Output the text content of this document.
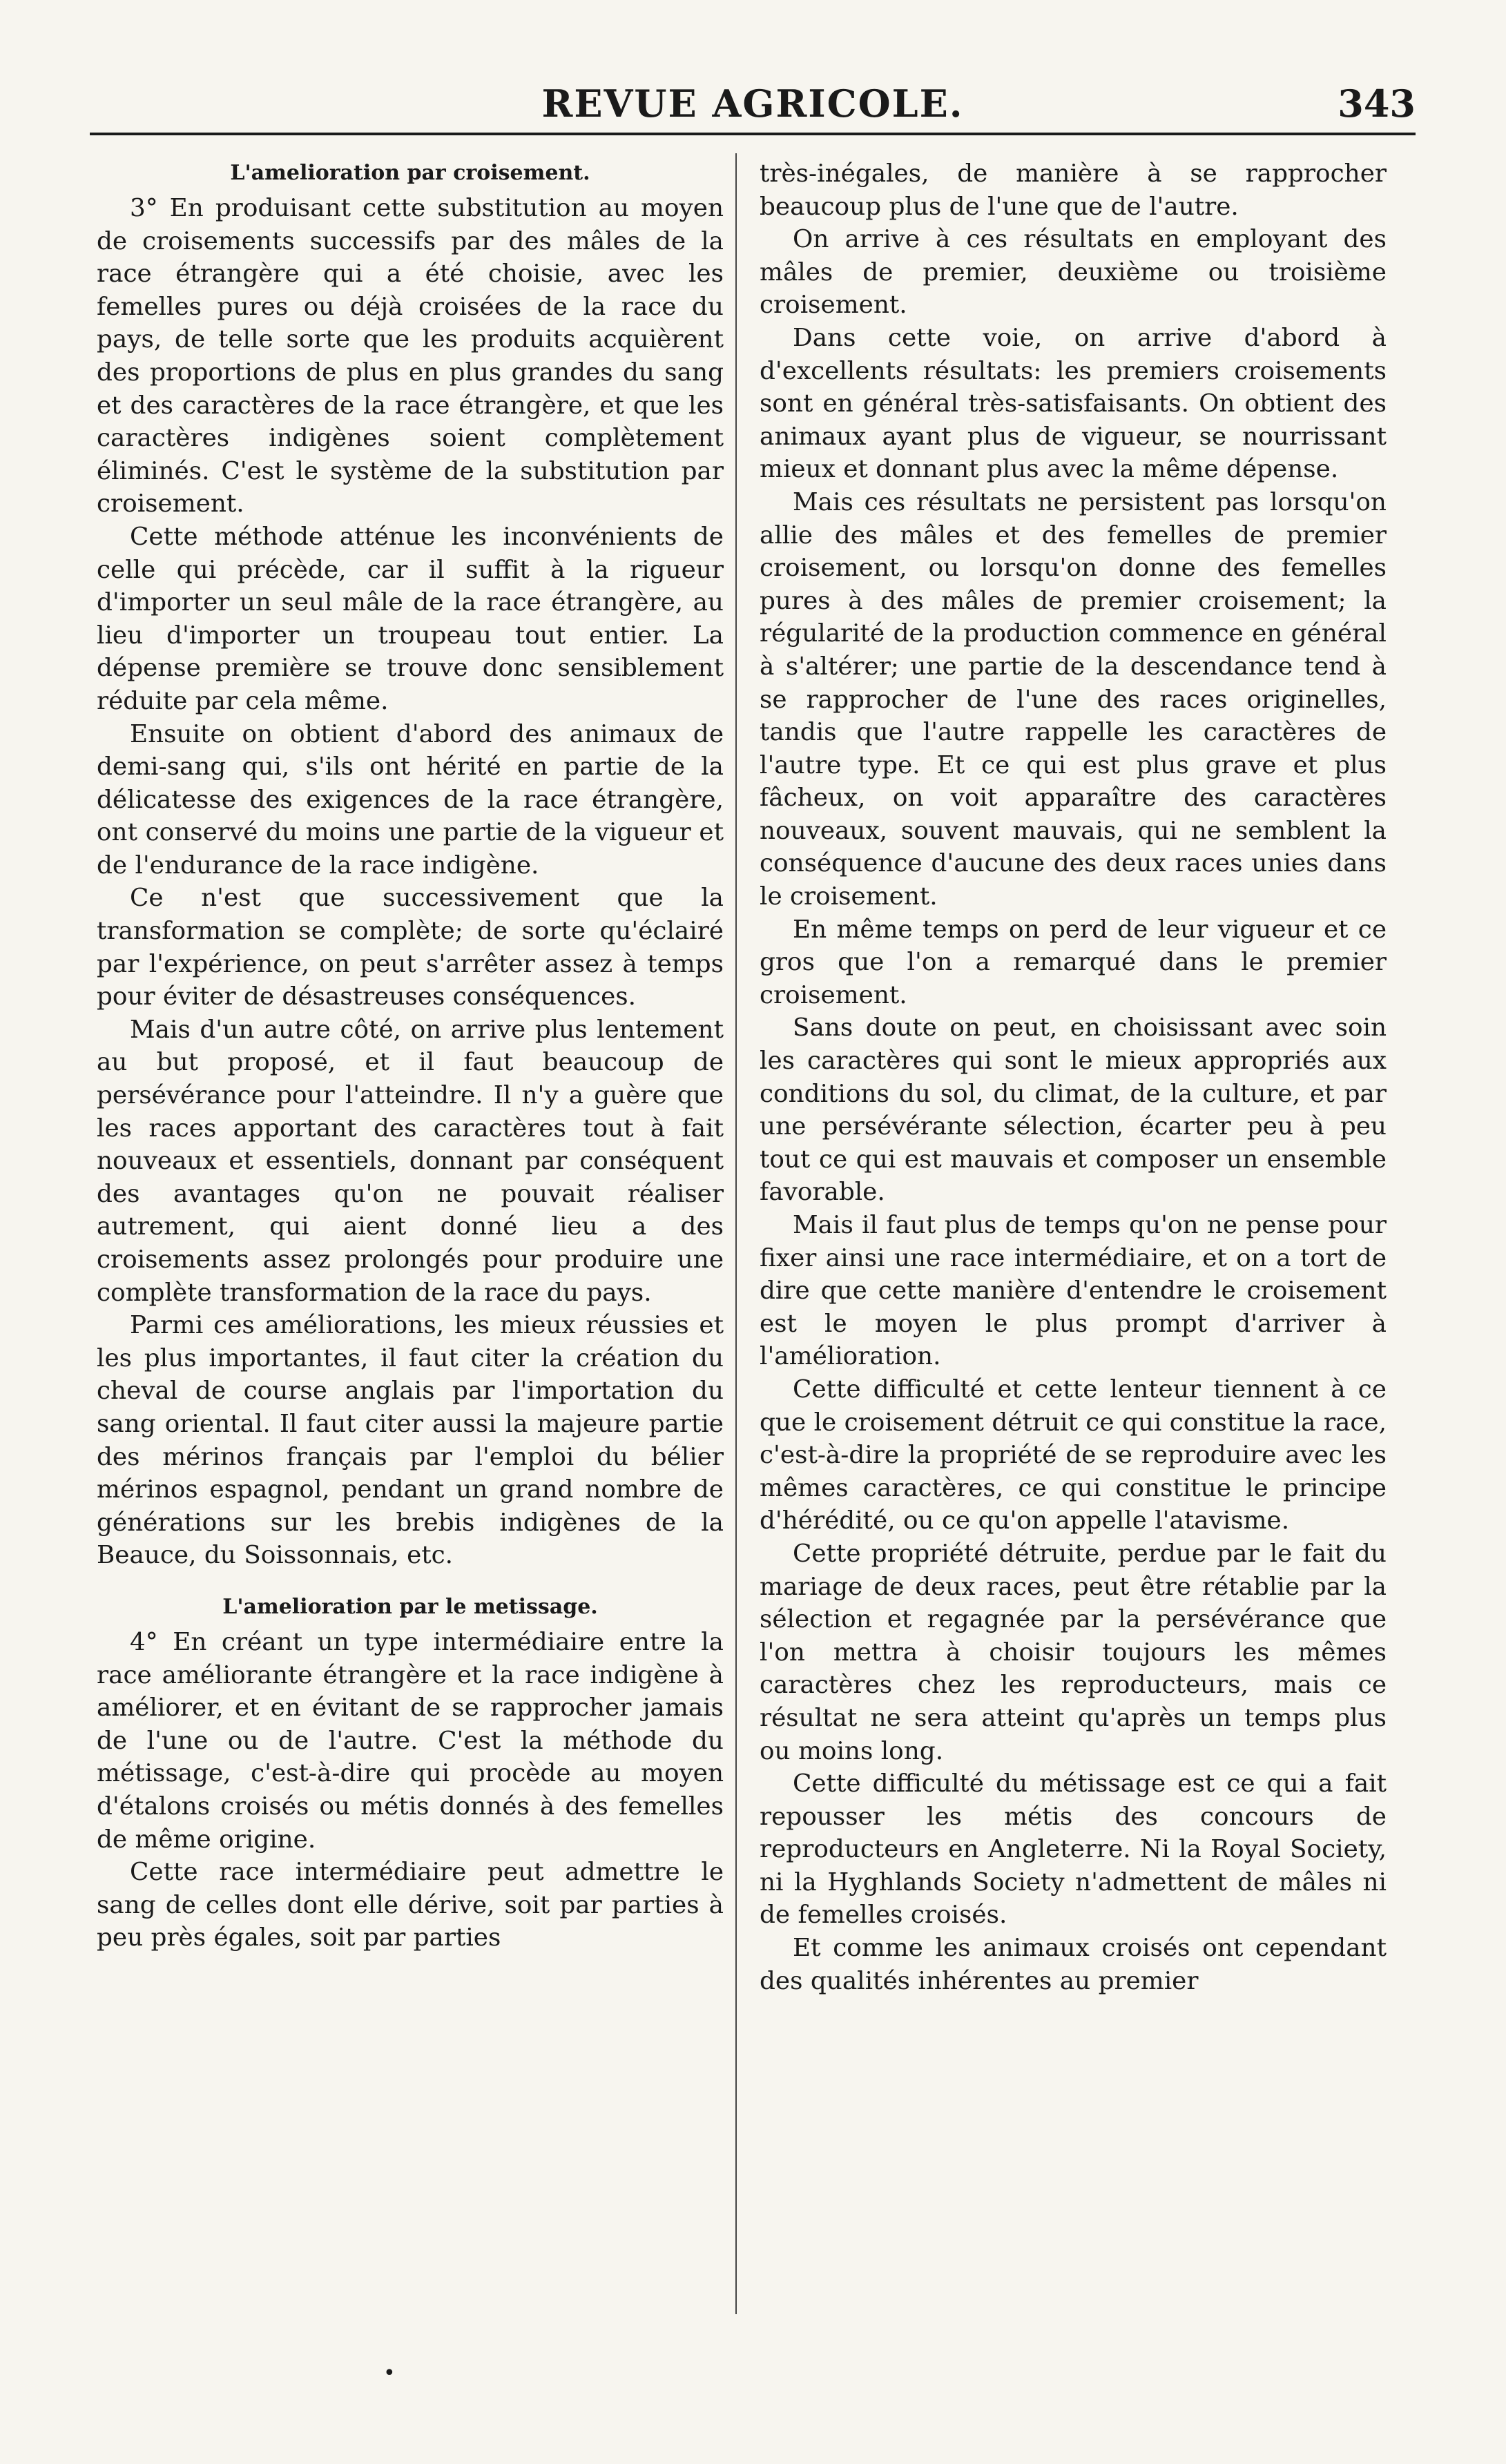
REVUE AGRICOLE.	343
L'amelioration par croisement.

3° En produisant cette substitution au moyen de croisements successifs par des mâles de la race étrangère qui a été choisie, avec les femelles pures ou déjà croisées de la race du pays, de telle sorte que les produits acquièrent des proportions de plus en plus grandes du sang et des caractères de la race étrangère, et que les caractères indigènes soient complètement éliminés. C'est le système de la substitution par croisement.

Cette méthode atténue les inconvénients de celle qui précède, car il suffit à la rigueur d'importer un seul mâle de la race étrangère, au lieu d'importer un troupeau tout entier. La dépense première se trouve donc sensiblement réduite par cela même.

Ensuite on obtient d'abord des animaux de demi-sang qui, s'ils ont hérité en partie de la délicatesse des exigences de la race étrangère, ont conservé du moins une partie de la vigueur et de l'endurance de la race indigène.

Ce n'est que successivement que la transformation se complète; de sorte qu'éclairé par l'expérience, on peut s'arrêter assez à temps pour éviter de désastreuses conséquences.

Mais d'un autre côté, on arrive plus lentement au but proposé, et il faut beaucoup de persévérance pour l'atteindre. Il n'y a guère que les races apportant des caractères tout à fait nouveaux et essentiels, donnant par conséquent des avantages qu'on ne pouvait réaliser autrement, qui aient donné lieu a des croisements assez prolongés pour produire une complète transformation de la race du pays.

Parmi ces améliorations, les mieux réussies et les plus importantes, il faut citer la création du cheval de course anglais par l'importation du sang oriental. Il faut citer aussi la majeure partie des mérinos français par l'emploi du bélier mérinos espagnol, pendant un grand nombre de générations sur les brebis indigènes de la Beauce, du Soissonnais, etc.

L'amelioration par le metissage.

4° En créant un type intermédiaire entre la race améliorante étrangère et la race indigène à améliorer, et en évitant de se rapprocher jamais de l'une ou de l'autre. C'est la méthode du métissage, c'est-à-dire qui procède au moyen d'étalons croisés ou métis donnés à des femelles de même origine.

Cette race intermédiaire peut admettre le sang de celles dont elle dérive, soit par parties à peu près égales, soit par parties

très-inégales, de manière à se rapprocher beaucoup plus de l'une que de l'autre.

On arrive à ces résultats en employant des mâles de premier, deuxième ou troisième croisement.

Dans cette voie, on arrive d'abord à d'excellents résultats: les premiers croisements sont en général très-satisfaisants. On obtient des animaux ayant plus de vigueur, se nourrissant mieux et donnant plus avec la même dépense.

Mais ces résultats ne persistent pas lorsqu'on allie des mâles et des femelles de premier croisement, ou lorsqu'on donne des femelles pures à des mâles de premier croisement; la régularité de la production commence en général à s'altérer; une partie de la descendance tend à se rapprocher de l'une des races originelles, tandis que l'autre rappelle les caractères de l'autre type. Et ce qui est plus grave et plus fâcheux, on voit apparaître des caractères nouveaux, souvent mauvais, qui ne semblent la conséquence d'aucune des deux races unies dans le croisement.

En même temps on perd de leur vigueur et ce gros que l'on a remarqué dans le premier croisement.

Sans doute on peut, en choisissant avec soin les caractères qui sont le mieux appropriés aux conditions du sol, du climat, de la culture, et par une persévérante sélection, écarter peu à peu tout ce qui est mauvais et composer un ensemble favorable.

Mais il faut plus de temps qu'on ne pense pour fixer ainsi une race intermédiaire, et on a tort de dire que cette manière d'entendre le croisement est le moyen le plus prompt d'arriver à l'amélioration.

Cette difficulté et cette lenteur tiennent à ce que le croisement détruit ce qui constitue la race, c'est-à-dire la propriété de se reproduire avec les mêmes caractères, ce qui constitue le principe d'hérédité, ou ce qu'on appelle l'atavisme.

Cette propriété détruite, perdue par le fait du mariage de deux races, peut être rétablie par la sélection et regagnée par la persévérance que l'on mettra à choisir toujours les mêmes caractères chez les reproducteurs, mais ce résultat ne sera atteint qu'après un temps plus ou moins long.

Cette difficulté du métissage est ce qui a fait repousser les métis des concours de reproducteurs en Angleterre. Ni la Royal Society, ni la Hyghlands Society n'admettent de mâles ni de femelles croisés.

Et comme les animaux croisés ont cependant des qualités inhérentes au premier

•
